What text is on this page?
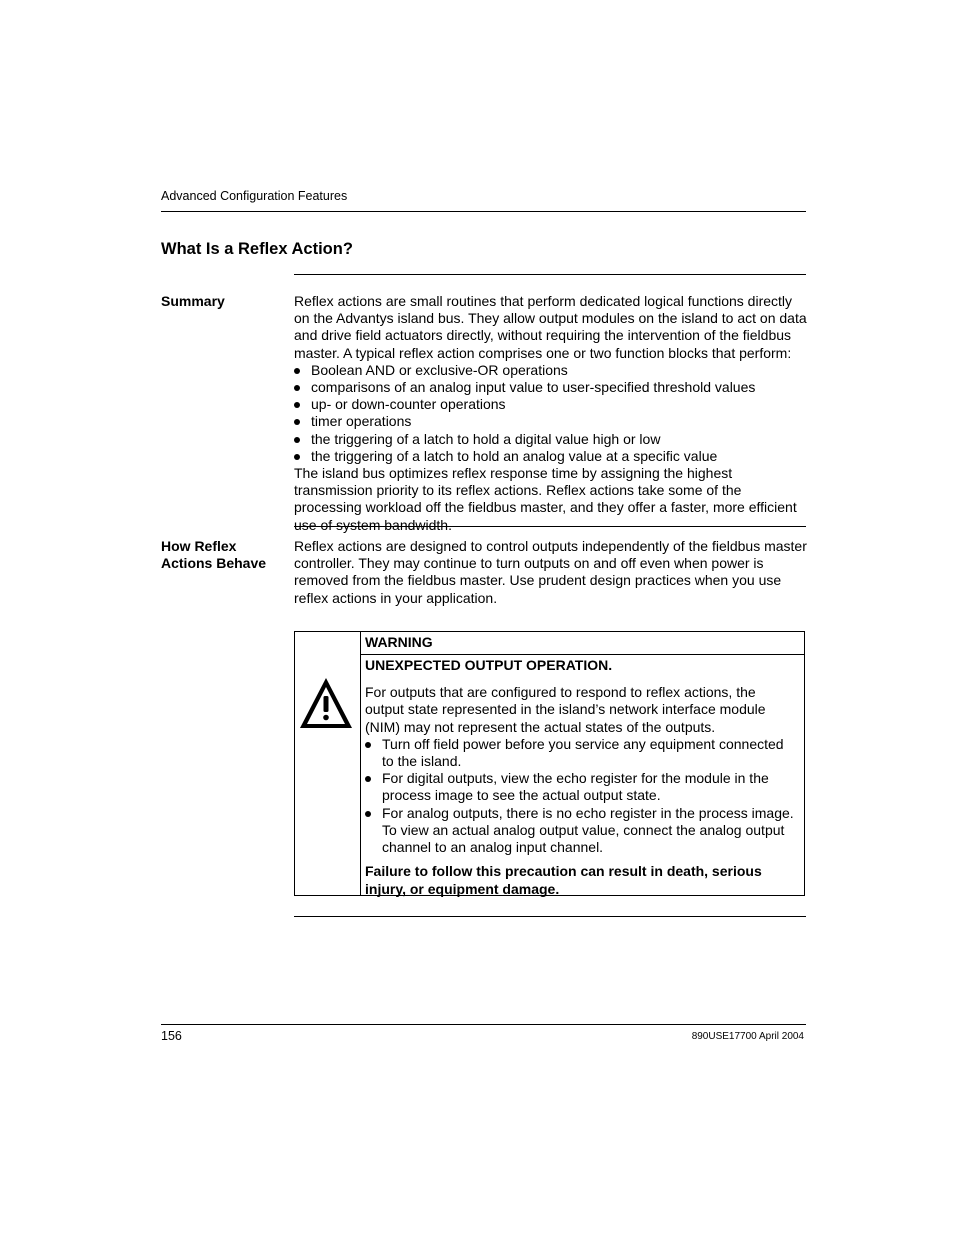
Advanced Configuration Features
What Is a Reflex Action?
Summary	Reflex actions are small routines that perform dedicated logical functions directly on the Advantys island bus. They allow output modules on the island to act on data and drive field actuators directly, without requiring the intervention of the fieldbus master. A typical reflex action comprises one or two function blocks that perform:

Boolean AND or exclusive-OR operations
comparisons of an analog input value to user-specified threshold values
up- or down-counter operations
timer operations
the triggering of a latch to hold a digital value high or low
the triggering of a latch to hold an analog value at a specific value

The island bus optimizes reflex response time by assigning the highest transmission priority to its reflex actions. Reflex actions take some of the processing workload off the fieldbus master, and they offer a faster, more efficient use of system bandwidth.

How Reflex
Actions Behave
Reflex actions are designed to control outputs independently of the fieldbus master controller. They may continue to turn outputs on and off even when power is removed from the fieldbus master. Use prudent design practices when you use reflex actions in your application.
WARNING

UNEXPECTED OUTPUT OPERATION.

For outputs that are configured to respond to reflex actions, the output state represented in the island’s network interface module (NIM) may not represent the actual states of the outputs.

Turn off field power before you service any equipment connected to the island.
For digital outputs, view the echo register for the module in the process image to see the actual output state.
For analog outputs, there is no echo register in the process image. To view an actual analog output value, connect the analog output channel to an analog input channel.

Failure to follow this precaution can result in death, serious injury, or equipment damage.

156	890USE17700 April 2004
